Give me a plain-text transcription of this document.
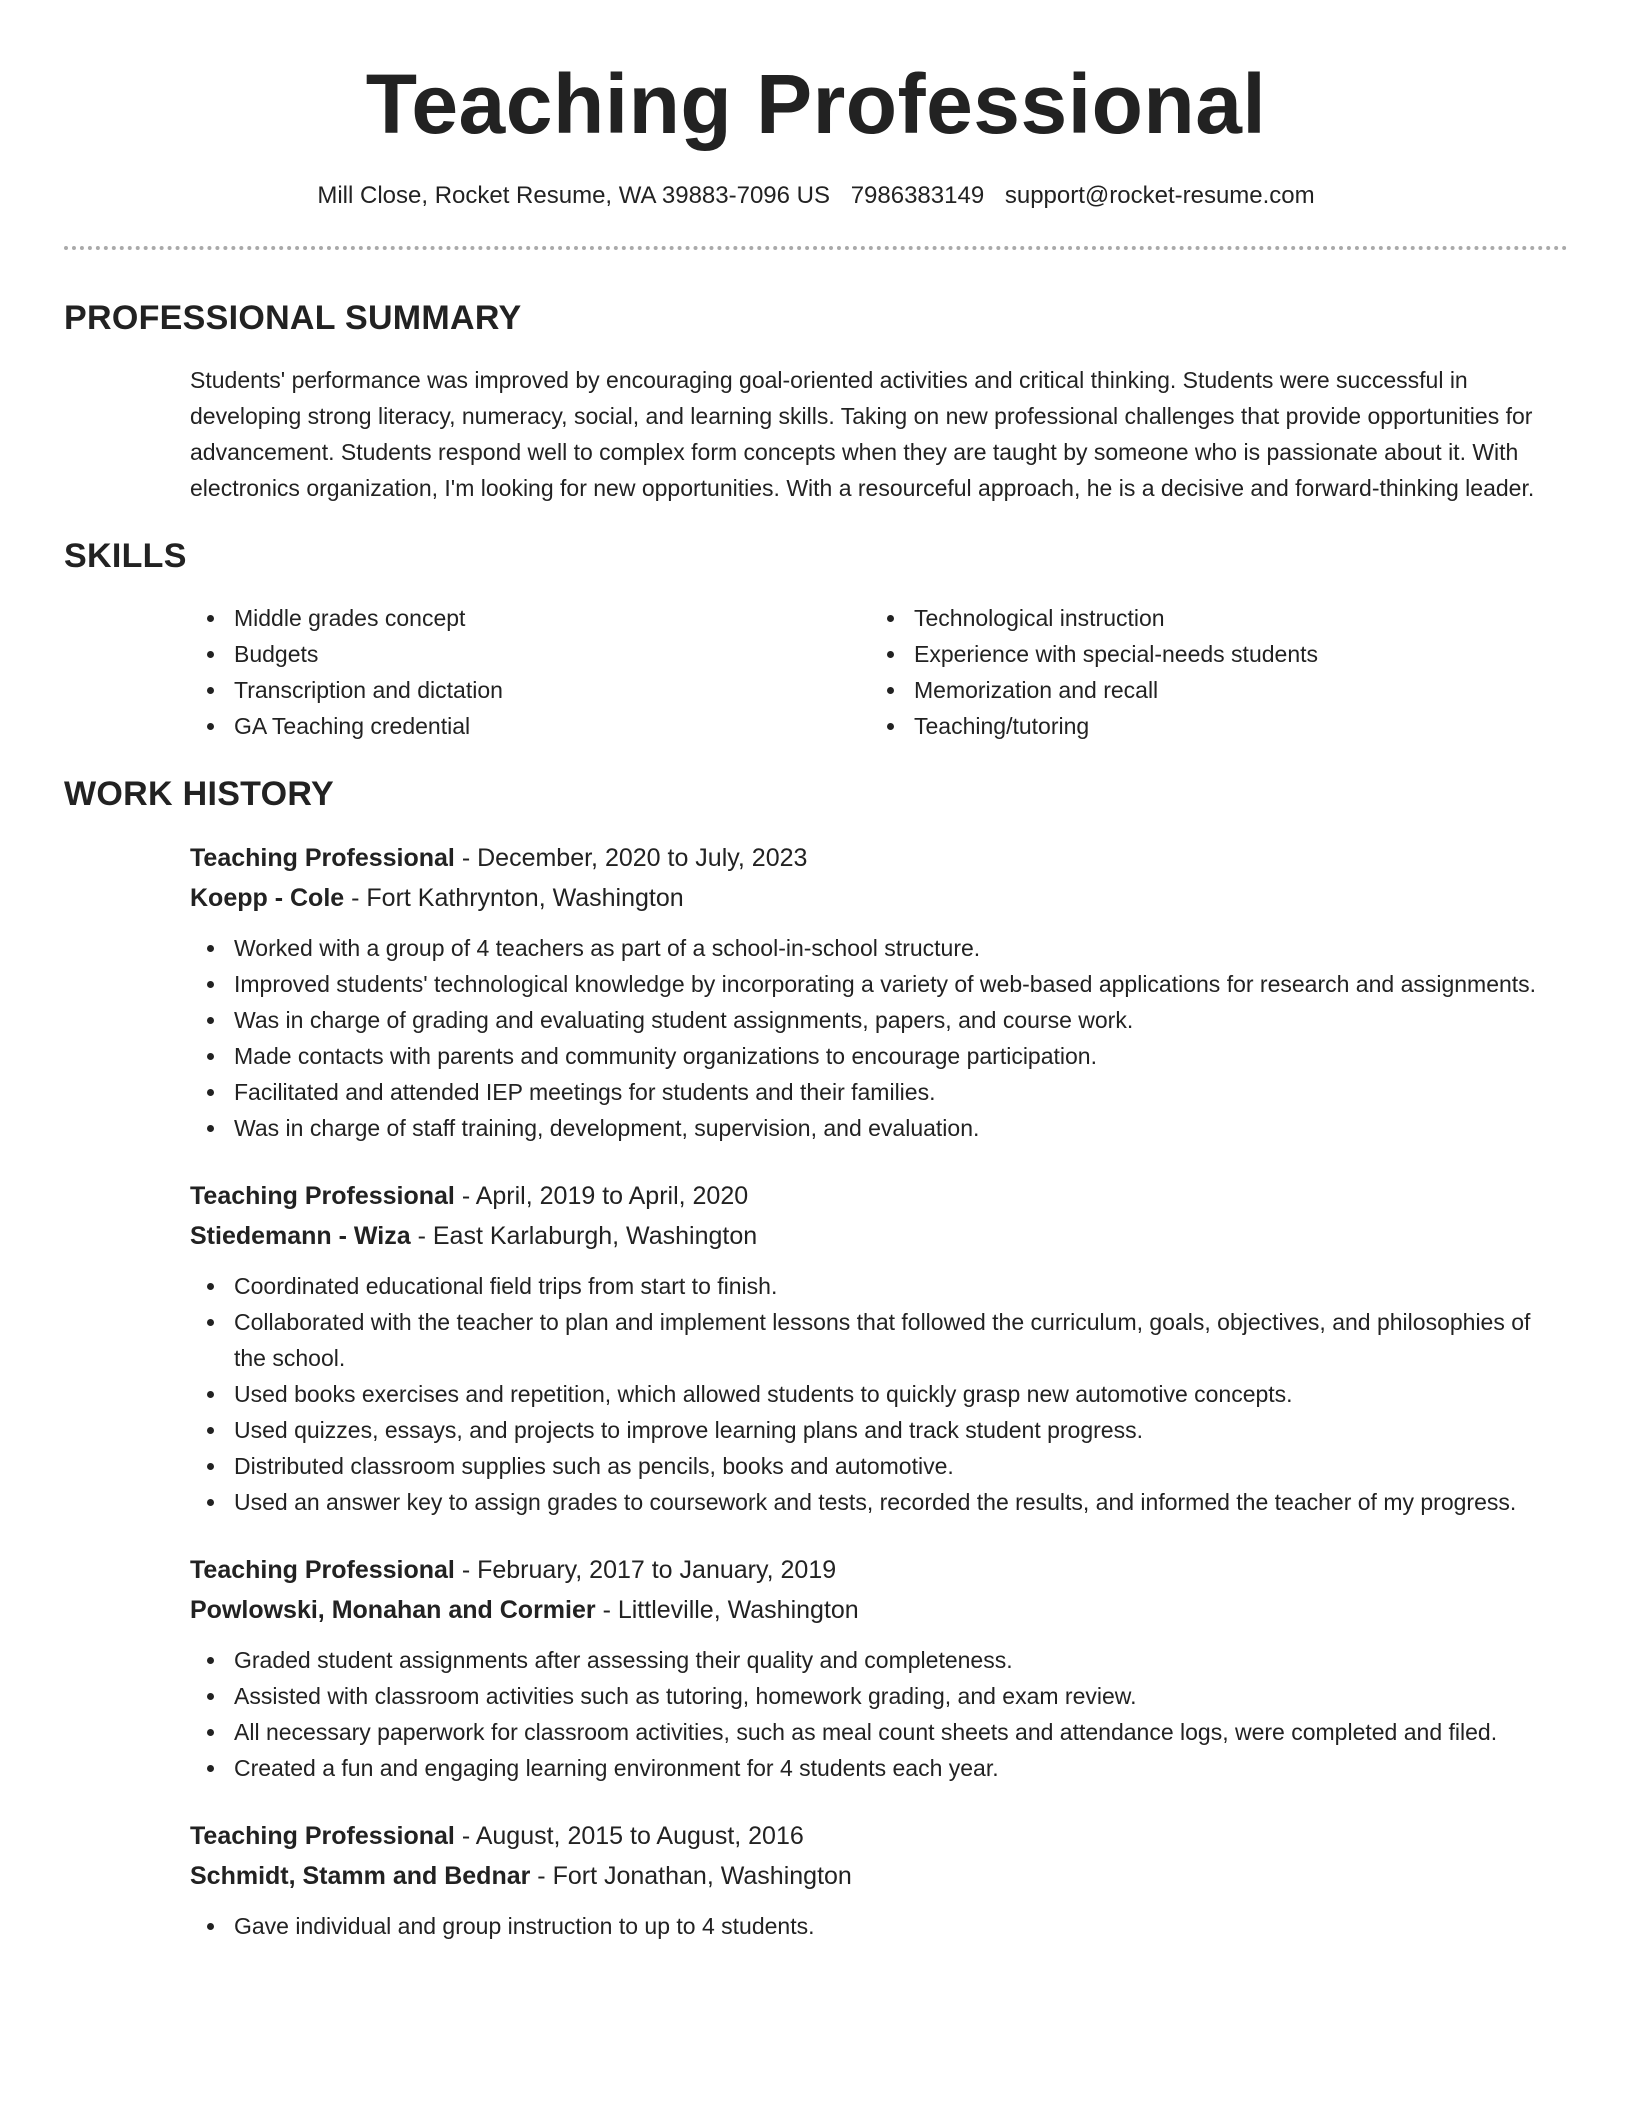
Teaching Professional
Mill Close, Rocket Resume, WA 39883-7096 US 7986383149 support@rocket-resume.com
PROFESSIONAL SUMMARY
Students' performance was improved by encouraging goal-oriented activities and critical thinking. Students were successful in developing strong literacy, numeracy, social, and learning skills. Taking on new professional challenges that provide opportunities for advancement. Students respond well to complex form concepts when they are taught by someone who is passionate about it. With electronics organization, I'm looking for new opportunities. With a resourceful approach, he is a decisive and forward-thinking leader.
SKILLS
Middle grades concept
Budgets
Transcription and dictation
GA Teaching credential
Technological instruction
Experience with special-needs students
Memorization and recall
Teaching/tutoring
WORK HISTORY
Teaching Professional - December, 2020 to July, 2023
Koepp - Cole - Fort Kathrynton, Washington
Worked with a group of 4 teachers as part of a school-in-school structure.
Improved students' technological knowledge by incorporating a variety of web-based applications for research and assignments.
Was in charge of grading and evaluating student assignments, papers, and course work.
Made contacts with parents and community organizations to encourage participation.
Facilitated and attended IEP meetings for students and their families.
Was in charge of staff training, development, supervision, and evaluation.
Teaching Professional - April, 2019 to April, 2020
Stiedemann - Wiza - East Karlaburgh, Washington
Coordinated educational field trips from start to finish.
Collaborated with the teacher to plan and implement lessons that followed the curriculum, goals, objectives, and philosophies of the school.
Used books exercises and repetition, which allowed students to quickly grasp new automotive concepts.
Used quizzes, essays, and projects to improve learning plans and track student progress.
Distributed classroom supplies such as pencils, books and automotive.
Used an answer key to assign grades to coursework and tests, recorded the results, and informed the teacher of my progress.
Teaching Professional - February, 2017 to January, 2019
Powlowski, Monahan and Cormier - Littleville, Washington
Graded student assignments after assessing their quality and completeness.
Assisted with classroom activities such as tutoring, homework grading, and exam review.
All necessary paperwork for classroom activities, such as meal count sheets and attendance logs, were completed and filed.
Created a fun and engaging learning environment for 4 students each year.
Teaching Professional - August, 2015 to August, 2016
Schmidt, Stamm and Bednar - Fort Jonathan, Washington
Gave individual and group instruction to up to 4 students.
